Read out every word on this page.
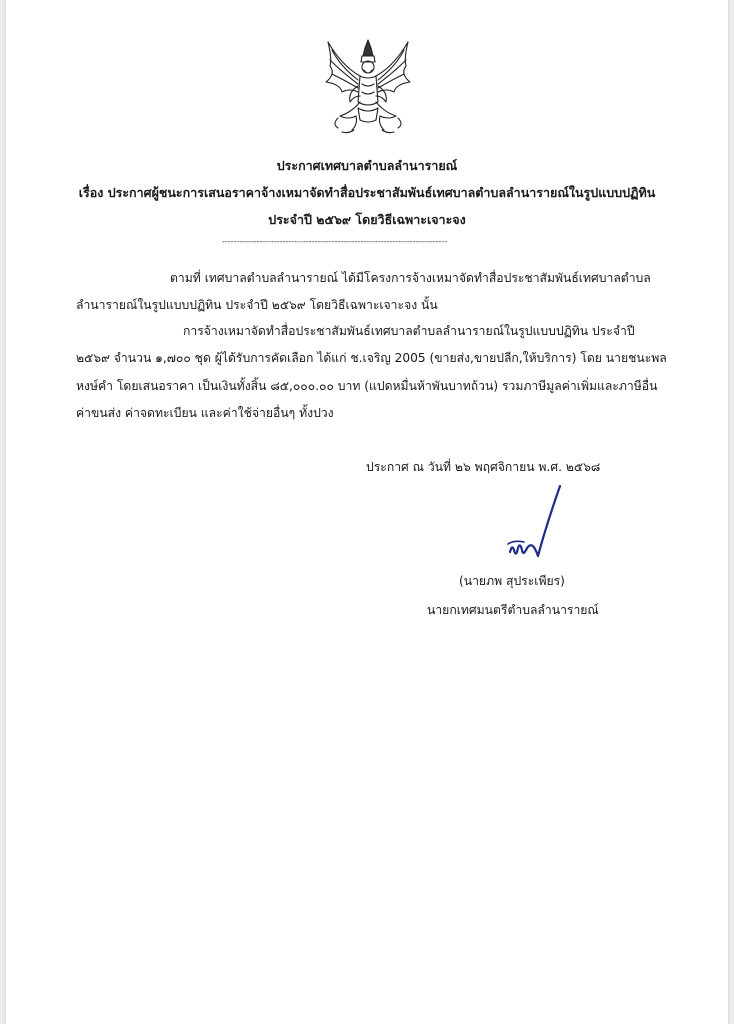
ประกาศเทศบาลตำบลลำนารายณ์
เรื่อง ประกาศผู้ชนะการเสนอราคาจ้างเหมาจัดทำสื่อประชาสัมพันธ์เทศบาลตำบลลำนารายณ์ในรูปแบบปฏิทิน
ประจำปี ๒๕๖๙ โดยวิธีเฉพาะเจาะจง
------------------------------------------------------------------------------
ตามที่ เทศบาลตำบลลำนารายณ์ ได้มีโครงการจ้างเหมาจัดทำสื่อประชาสัมพันธ์เทศบาลตำบล
ลำนารายณ์ในรูปแบบปฏิทิน ประจำปี ๒๕๖๙ โดยวิธีเฉพาะเจาะจง นั้น
การจ้างเหมาจัดทำสื่อประชาสัมพันธ์เทศบาลตำบลลำนารายณ์ในรูปแบบปฏิทิน ประจำปี
๒๕๖๙ จำนวน ๑,๗๐๐ ชุด ผู้ได้รับการคัดเลือก ได้แก่ ช.เจริญ 2005 (ขายส่ง,ขายปลีก,ให้บริการ) โดย นายชนะพล
หงษ์คำ โดยเสนอราคา เป็นเงินทั้งสิ้น ๘๕,๐๐๐.๐๐ บาท (แปดหมื่นห้าพันบาทถ้วน) รวมภาษีมูลค่าเพิ่มและภาษีอื่น
ค่าขนส่ง ค่าจดทะเบียน และค่าใช้จ่ายอื่นๆ ทั้งปวง
ประกาศ ณ วันที่ ๒๖ พฤศจิกายน พ.ศ. ๒๕๖๘
(นายภพ สุประเพียร)
นายกเทศมนตรีตำบลลำนารายณ์
